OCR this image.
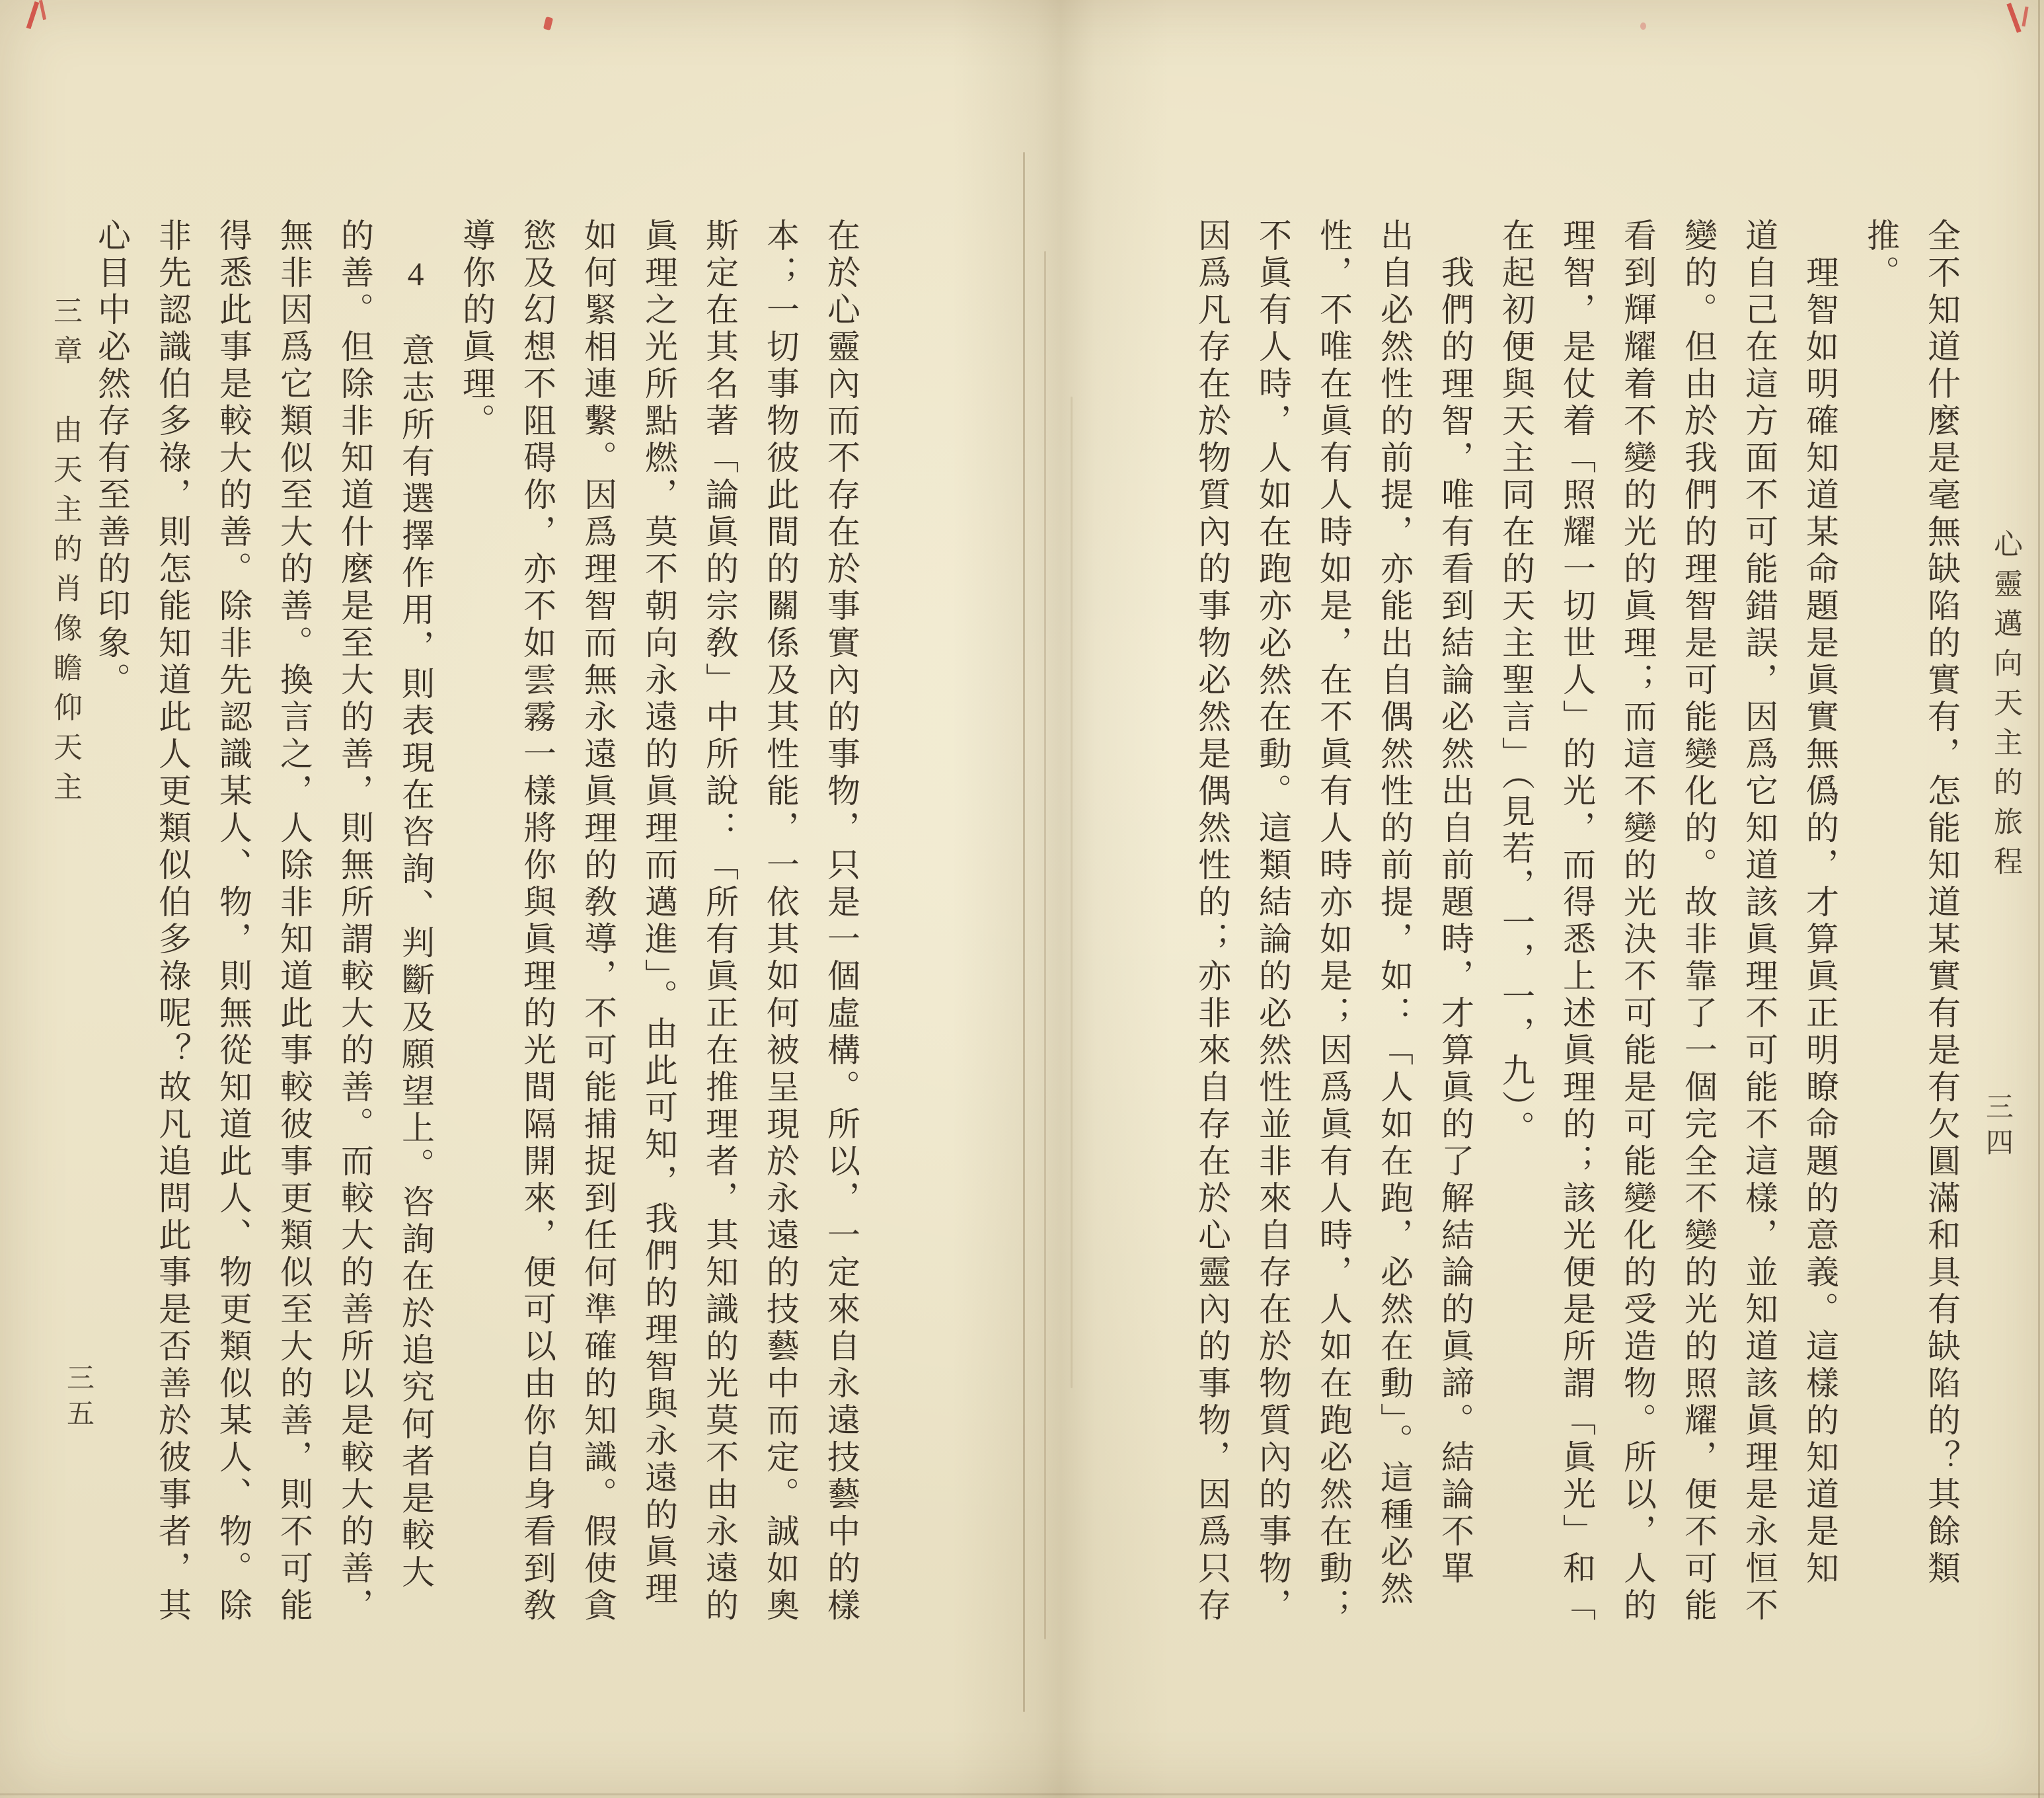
心靈邁向天主的旅程
三四
全不知道什麼是毫無缺陷的實有，怎能知道某實有是有欠圓滿和具有缺陷的？其餘類
推。
理智如明確知道某命題是眞實無僞的，才算眞正明瞭命題的意義。這樣的知道是知
道自己在這方面不可能錯誤，因爲它知道該眞理不可能不這樣，並知道該眞理是永恒不
變的。但由於我們的理智是可能變化的。故非靠了一個完全不變的光的照耀，便不可能
看到輝耀着不變的光的眞理；而這不變的光決不可能是可能變化的受造物。所以，人的
理智，是仗着「照耀一切世人」的光，而得悉上述眞理的；該光便是所謂「眞光」和「
在起初便與天主同在的天主聖言」（見若，一，一，九）。
我們的理智，唯有看到結論必然出自前題時，才算眞的了解結論的眞諦。結論不單
出自必然性的前提，亦能出自偶然性的前提，如：「人如在跑，必然在動」。這種必然
性，不唯在眞有人時如是，在不眞有人時亦如是；因爲眞有人時，人如在跑必然在動；
不眞有人時，人如在跑亦必然在動。這類結論的必然性並非來自存在於物質內的事物，
因爲凡存在於物質內的事物必然是偶然性的；亦非來自存在於心靈內的事物，因爲只存
三章　由天主的肖像瞻仰天主
三五	在於心靈內而不存在於事實內的事物，只是一個虛構。所以，一定來自永遠技藝中的樣
本；一切事物彼此間的關係及其性能，一依其如何被呈現於永遠的技藝中而定。誠如奧
斯定在其名著「論眞的宗敎」中所說：「所有眞正在推理者，其知識的光莫不由永遠的
眞理之光所點燃，莫不朝向永遠的眞理而邁進」。由此可知，我們的理智與永遠的眞理
如何緊相連繫。因爲理智而無永遠眞理的敎導，不可能捕捉到任何準確的知識。假使貪
慾及幻想不阻碍你，亦不如雲霧一樣將你與眞理的光間隔開來，便可以由你自身看到敎
導你的眞理。
4　意志所有選擇作用，則表現在咨詢、判斷及願望上。咨詢在於追究何者是較大
的善。但除非知道什麼是至大的善，則無所謂較大的善。而較大的善所以是較大的善，
無非因爲它類似至大的善。換言之，人除非知道此事較彼事更類似至大的善，則不可能
得悉此事是較大的善。除非先認識某人、物，則無從知道此人、物更類似某人、物。除
非先認識伯多祿，則怎能知道此人更類似伯多祿呢？故凡追問此事是否善於彼事者，其
心目中必然存有至善的印象。
